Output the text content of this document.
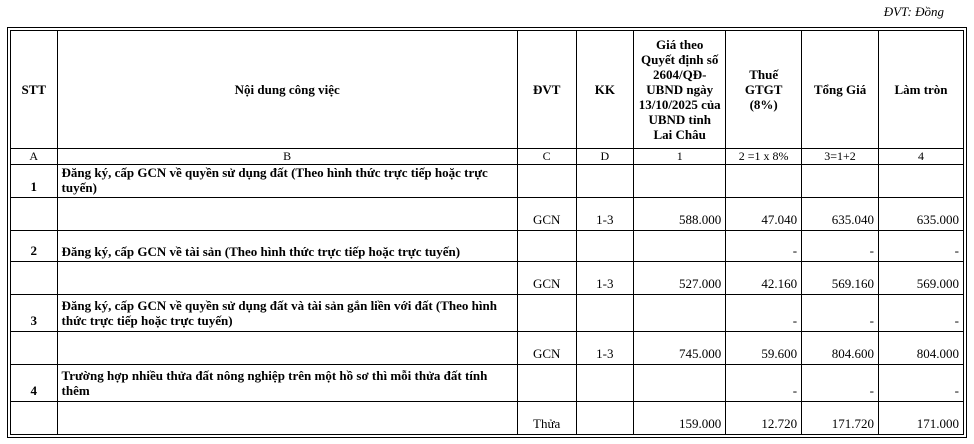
ĐVT: Đồng
STT	Nội dung công việc	ĐVT	KK	Giá theo Quyết định số 2604/QĐ-UBND ngày 13/10/2025 của UBND tỉnh Lai Châu	Thuế GTGT (8%)	Tổng Giá	Làm tròn
A	B	C	D	1	2 =1 x 8%	3=1+2	4
1	Đăng ký, cấp GCN về quyền sử dụng đất (Theo hình thức trực tiếp hoặc trực tuyến)						
		GCN	1-3	588.000	47.040	635.040	635.000
2	Đăng ký, cấp GCN về tài sản (Theo hình thức trực tiếp hoặc trực tuyến)				-	-	-
		GCN	1-3	527.000	42.160	569.160	569.000
3	Đăng ký, cấp GCN về quyền sử dụng đất và tài sản gắn liền với đất (Theo hình thức trực tiếp hoặc trực tuyến)				-	-	-
		GCN	1-3	745.000	59.600	804.600	804.000
4	Trường hợp nhiều thửa đất nông nghiệp trên một hồ sơ thì mỗi thửa đất tính thêm				-	-	-
		Thửa		159.000	12.720	171.720	171.000
